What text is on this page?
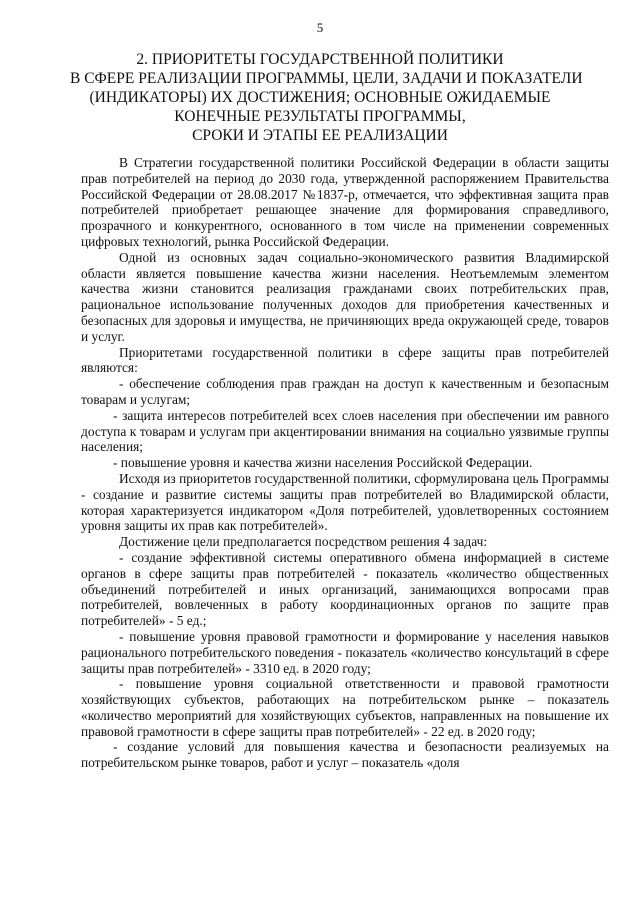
5
2. ПРИОРИТЕТЫ ГОСУДАРСТВЕННОЙ ПОЛИТИКИ
В СФЕРЕ РЕАЛИЗАЦИИ ПРОГРАММЫ, ЦЕЛИ, ЗАДАЧИ И ПОКАЗАТЕЛИ
(ИНДИКАТОРЫ) ИХ ДОСТИЖЕНИЯ; ОСНОВНЫЕ ОЖИДАЕМЫЕ
КОНЕЧНЫЕ РЕЗУЛЬТАТЫ ПРОГРАММЫ,
СРОКИ И ЭТАПЫ ЕЕ РЕАЛИЗАЦИИ

В Стратегии государственной политики Российской Федерации в области защиты прав потребителей на период до 2030 года, утвержденной распоряжением Правительства Российской Федерации от 28.08.2017 №1837-р, отмечается, что эффективная защита прав потребителей приобретает решающее значение для формирования справедливого, прозрачного и конкурентного, основанного в том числе на применении современных цифровых технологий, рынка Российской Федерации.

Одной из основных задач социально-экономического развития Владимирской области является повышение качества жизни населения. Неотъемлемым элементом качества жизни становится реализация гражданами своих потребительских прав, рациональное использование полученных доходов для приобретения качественных и безопасных для здоровья и имущества, не причиняющих вреда окружающей среде, товаров и услуг.

Приоритетами государственной политики в сфере защиты прав потребителей являются:

- обеспечение соблюдения прав граждан на доступ к качественным и безопасным товарам и услугам;

- защита интересов потребителей всех слоев населения при обеспечении им равного доступа к товарам и услугам при акцентировании внимания на социально уязвимые группы населения;

- повышение уровня и качества жизни населения Российской Федерации.

Исходя из приоритетов государственной политики, сформулирована цель Программы - создание и развитие системы защиты прав потребителей во Владимирской области, которая характеризуется индикатором «Доля потребителей, удовлетворенных состоянием уровня защиты их прав как потребителей».

Достижение цели предполагается посредством решения 4 задач:

- создание эффективной системы оперативного обмена информацией в системе органов в сфере защиты прав потребителей - показатель «количество общественных объединений потребителей и иных организаций, занимающихся вопросами прав потребителей, вовлеченных в работу координационных органов по защите прав потребителей» - 5 ед.;

- повышение уровня правовой грамотности и формирование у населения навыков рационального потребительского поведения - показатель «количество консультаций в сфере защиты прав потребителей» - 3310 ед. в 2020 году;

- повышение уровня социальной ответственности и правовой грамотности хозяйствующих субъектов, работающих на потребительском рынке – показатель «количество мероприятий для хозяйствующих субъектов, направленных на повышение их правовой грамотности в сфере защиты прав потребителей» - 22 ед. в 2020 году;

- создание условий для повышения качества и безопасности реализуемых на потребительском рынке товаров, работ и услуг – показатель «доля
